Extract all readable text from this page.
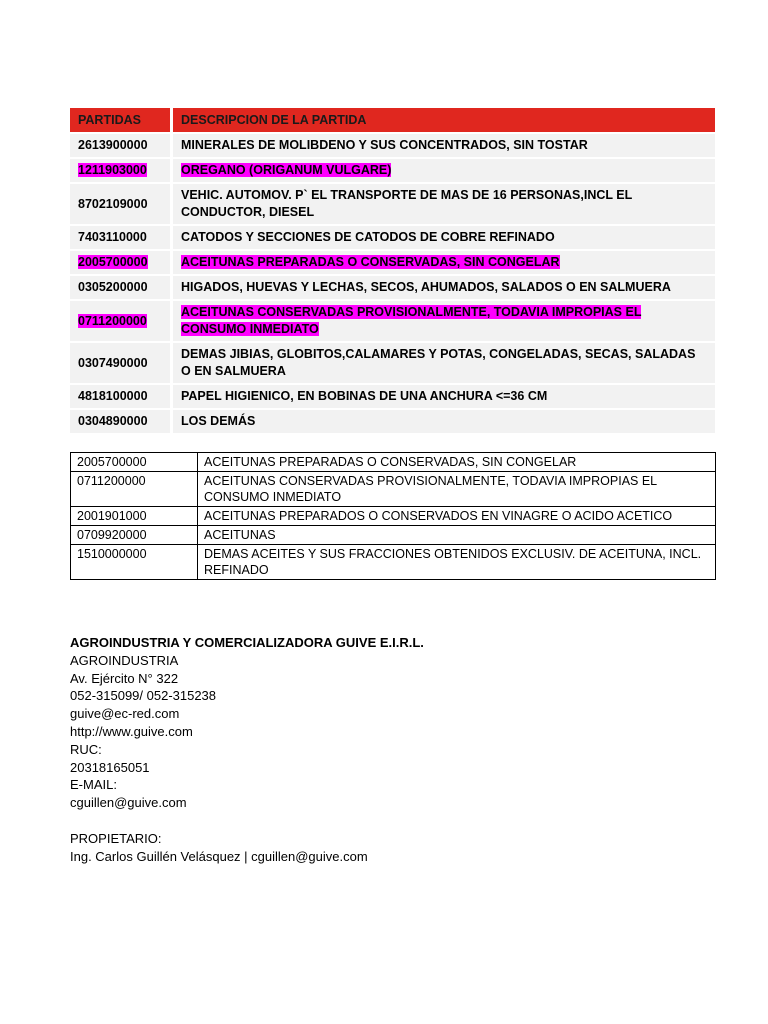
PARTIDAS	DESCRIPCION DE LA PARTIDA
2613900000	MINERALES DE MOLIBDENO Y SUS CONCENTRADOS, SIN TOSTAR
1211903000	OREGANO (ORIGANUM VULGARE)
8702109000	VEHIC. AUTOMOV. P` EL TRANSPORTE DE MAS DE 16 PERSONAS,INCL EL CONDUCTOR, DIESEL
7403110000	CATODOS Y SECCIONES DE CATODOS DE COBRE REFINADO
2005700000	ACEITUNAS PREPARADAS O CONSERVADAS, SIN CONGELAR
0305200000	HIGADOS, HUEVAS Y LECHAS, SECOS, AHUMADOS, SALADOS O EN SALMUERA
0711200000	ACEITUNAS CONSERVADAS PROVISIONALMENTE, TODAVIA IMPROPIAS EL CONSUMO INMEDIATO
0307490000	DEMAS JIBIAS, GLOBITOS,CALAMARES Y POTAS, CONGELADAS, SECAS, SALADAS O EN SALMUERA
4818100000	PAPEL HIGIENICO, EN BOBINAS DE UNA ANCHURA <=36 CM
0304890000	LOS DEMÁS
2005700000	ACEITUNAS PREPARADAS O CONSERVADAS, SIN CONGELAR
0711200000	ACEITUNAS CONSERVADAS PROVISIONALMENTE, TODAVIA IMPROPIAS EL CONSUMO INMEDIATO
2001901000	ACEITUNAS PREPARADOS O CONSERVADOS EN VINAGRE O ACIDO ACETICO
0709920000	ACEITUNAS
1510000000	DEMAS ACEITES Y SUS FRACCIONES OBTENIDOS EXCLUSIV. DE ACEITUNA, INCL. REFINADO
AGROINDUSTRIA Y COMERCIALIZADORA GUIVE E.I.R.L.
AGROINDUSTRIA
Av. Ejército N° 322
052-315099/ 052-315238
guive@ec-red.com
http://www.guive.com
RUC:
20318165051
E-MAIL:
cguillen@guive.com
PROPIETARIO:
Ing. Carlos Guillén Velásquez | cguillen@guive.com
